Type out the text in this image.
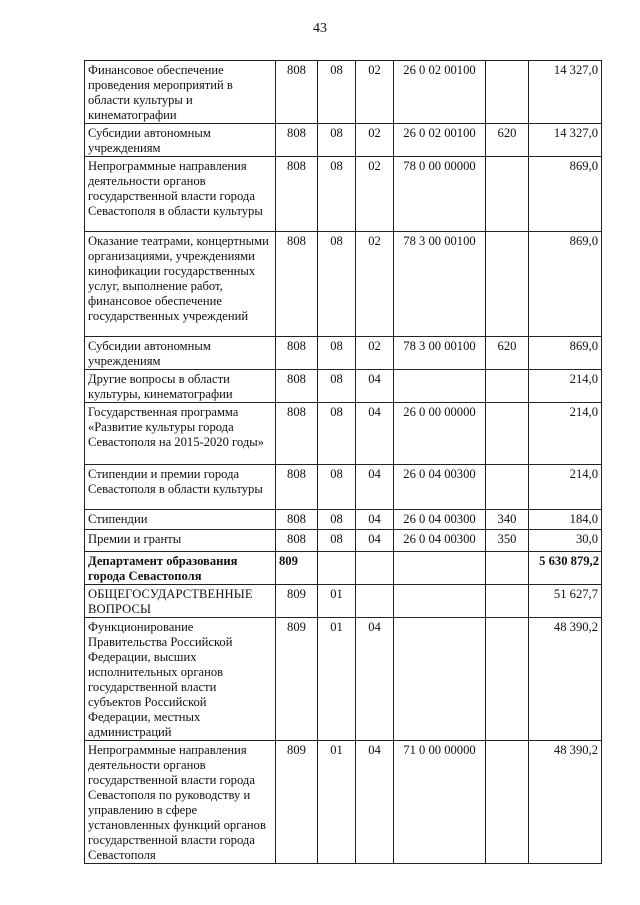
43
Финансовое обеспечение проведения мероприятий в области культуры и кинематографии	808	08	02	26 0 02 00100		14 327,0
Субсидии автономным учреждениям	808	08	02	26 0 02 00100	620	14 327,0
Непрограммные направления деятельности органов государственной власти города Севастополя в области культуры	808	08	02	78 0 00 00000		869,0
Оказание театрами, концертными организациями, учреждениями кинофикации государственных услуг, выполнение работ, финансовое обеспечение государственных учреждений	808	08	02	78 3 00 00100		869,0
Субсидии автономным учреждениям	808	08	02	78 3 00 00100	620	869,0
Другие вопросы в области культуры, кинематографии	808	08	04			214,0
Государственная программа «Развитие культуры города Севастополя на 2015-2020 годы»	808	08	04	26 0 00 00000		214,0
Стипендии и премии города Севастополя в области культуры	808	08	04	26 0 04 00300		214,0
Стипендии	808	08	04	26 0 04 00300	340	184,0
Премии и гранты	808	08	04	26 0 04 00300	350	30,0
Департамент образования города Севастополя	809					5 630 879,2
ОБЩЕГОСУДАРСТВЕННЫЕ ВОПРОСЫ	809	01				51 627,7
Функционирование Правительства Российской Федерации, высших исполнительных органов государственной власти субъектов Российской Федерации, местных администраций	809	01	04			48 390,2
Непрограммные направления деятельности органов государственной власти города Севастополя по руководству и управлению в сфере установленных функций органов государственной власти города Севастополя	809	01	04	71 0 00 00000		48 390,2
